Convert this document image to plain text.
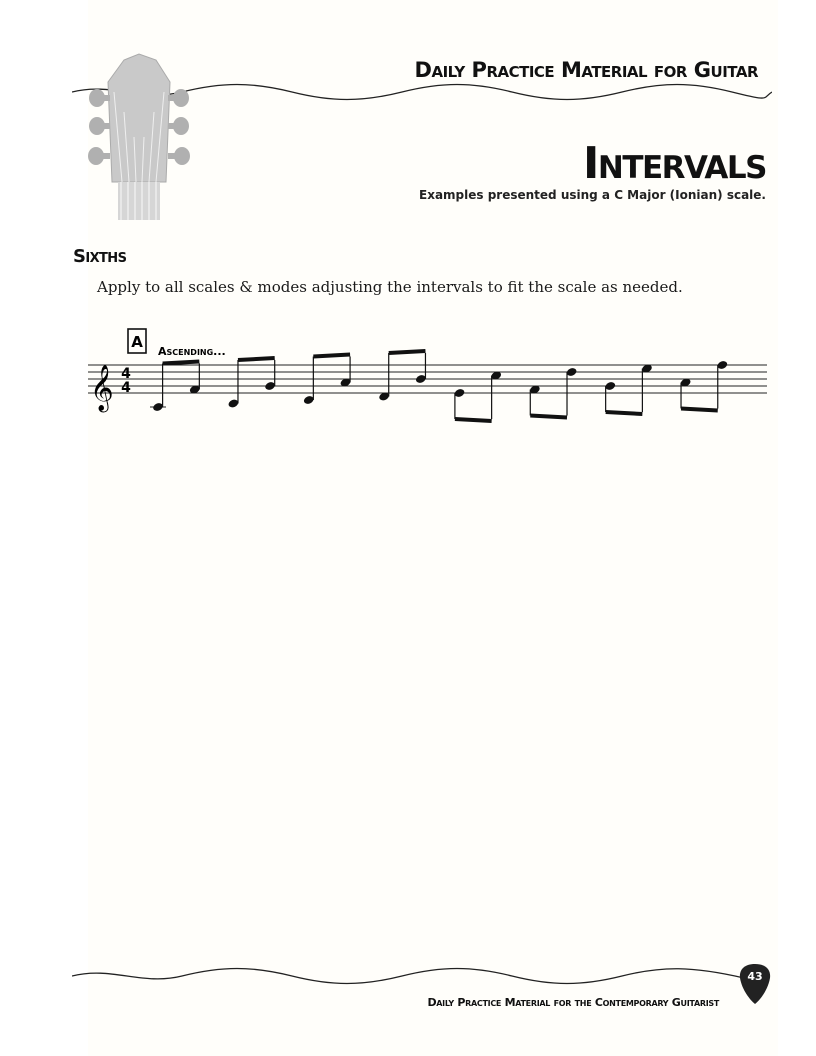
Daily Practice Material for Guitar
Intervals
Examples presented using a C Major (Ionian) scale.
Sixths
Apply to all scales & modes adjusting the intervals to fit the scale as needed.
A
Ascending...
𝄞 4
4
43
Daily Practice Material for the Contemporary Guitarist
